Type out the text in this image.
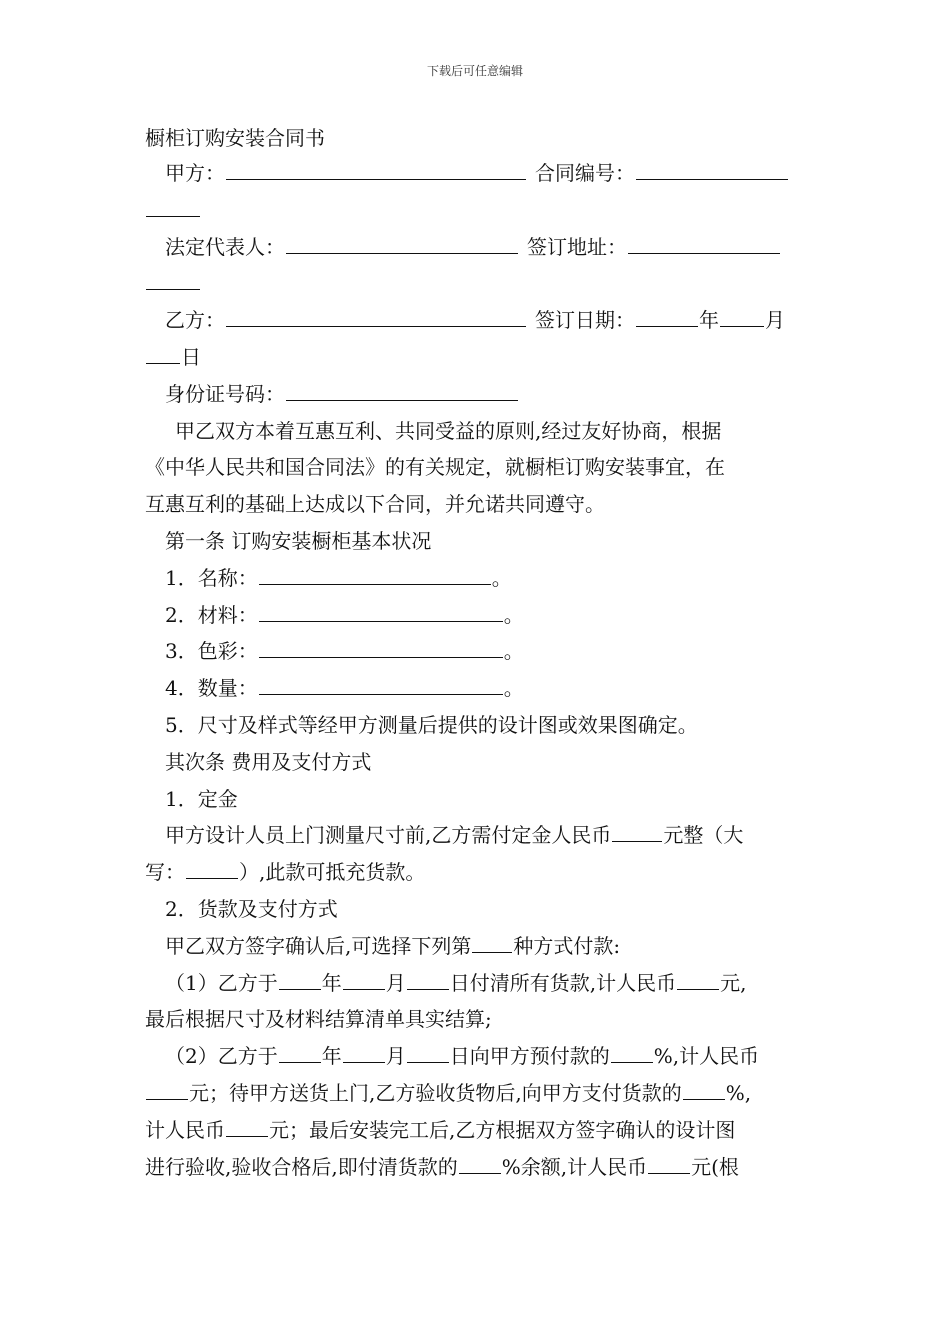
下载后可任意编辑
橱柜订购安装合同书
甲方：	合同编号：
法定代表人：	签订地址：
乙方：	签订日期：	年 月
日
身份证号码：
甲乙双方本着互惠互利、共同受益的原则,经过友好协商，根据
《中华人民共和国合同法》的有关规定，就橱柜订购安装事宜，在
互惠互利的基础上达成以下合同，并允诺共同遵守。
第一条 订购安装橱柜基本状况
1．名称：	。
2．材料：	。
3．色彩：	。
4．数量：	。
5．尺寸及样式等经甲方测量后提供的设计图或效果图确定。
其次条 费用及支付方式
1．定金
甲方设计人员上门测量尺寸前,乙方需付定金人民币	元整（大
写：	）,此款可抵充货款。
2．货款及支付方式
甲乙双方签字确认后,可选择下列第 种方式付款:
（1）乙方于 年 月 日付清所有货款,计人民币 元,
最后根据尺寸及材料结算清单具实结算;
（2）乙方于 年 月 日向甲方预付款的 %,计人民币
元；待甲方送货上门,乙方验收货物后,向甲方支付货款的 %,
计人民币 元；最后安装完工后,乙方根据双方签字确认的设计图
进行验收,验收合格后,即付清货款的 %余额,计人民币 元(根
